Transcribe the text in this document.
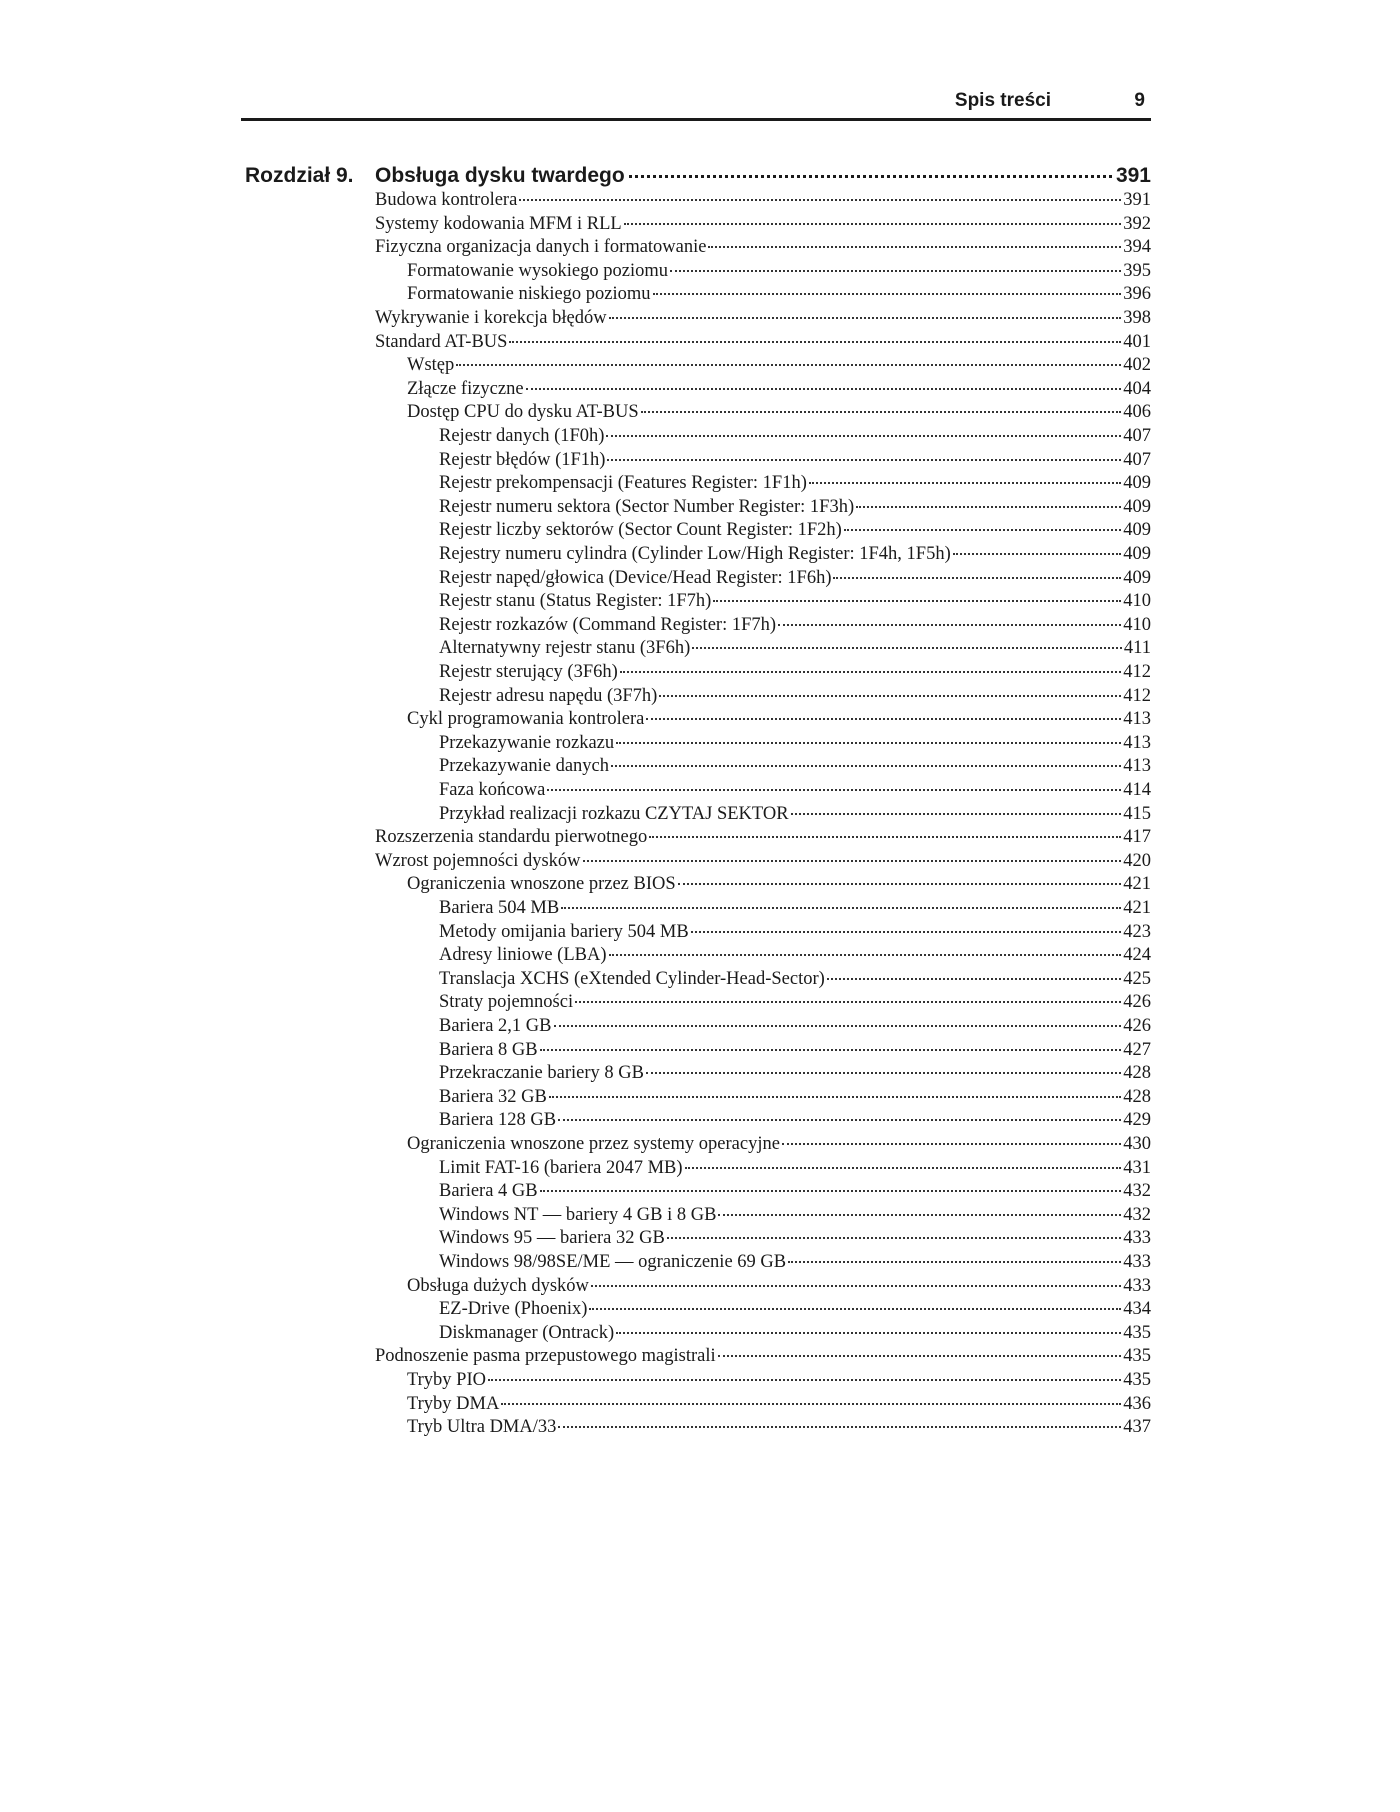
Spis treści	9
Rozdział 9. Obsługa dysku twardego	391
Budowa kontrolera	391
Systemy kodowania MFM i RLL	392
Fizyczna organizacja danych i formatowanie	394
Formatowanie wysokiego poziomu	395
Formatowanie niskiego poziomu	396
Wykrywanie i korekcja błędów	398
Standard AT-BUS	401
Wstęp	402
Złącze fizyczne	404
Dostęp CPU do dysku AT-BUS	406
Rejestr danych (1F0h)	407
Rejestr błędów (1F1h)	407
Rejestr prekompensacji (Features Register: 1F1h)	409
Rejestr numeru sektora (Sector Number Register: 1F3h)	409
Rejestr liczby sektorów (Sector Count Register: 1F2h)	409
Rejestry numeru cylindra (Cylinder Low/High Register: 1F4h, 1F5h)	409
Rejestr napęd/głowica (Device/Head Register: 1F6h)	409
Rejestr stanu (Status Register: 1F7h)	410
Rejestr rozkazów (Command Register: 1F7h)	410
Alternatywny rejestr stanu (3F6h)	411
Rejestr sterujący (3F6h)	412
Rejestr adresu napędu (3F7h)	412
Cykl programowania kontrolera	413
Przekazywanie rozkazu	413
Przekazywanie danych	413
Faza końcowa	414
Przykład realizacji rozkazu CZYTAJ SEKTOR	415
Rozszerzenia standardu pierwotnego	417
Wzrost pojemności dysków	420
Ograniczenia wnoszone przez BIOS	421
Bariera 504 MB	421
Metody omijania bariery 504 MB	423
Adresy liniowe (LBA)	424
Translacja XCHS (eXtended Cylinder-Head-Sector)	425
Straty pojemności	426
Bariera 2,1 GB	426
Bariera 8 GB	427
Przekraczanie bariery 8 GB	428
Bariera 32 GB	428
Bariera 128 GB	429
Ograniczenia wnoszone przez systemy operacyjne	430
Limit FAT-16 (bariera 2047 MB)	431
Bariera 4 GB	432
Windows NT — bariery 4 GB i 8 GB	432
Windows 95 — bariera 32 GB	433
Windows 98/98SE/ME — ograniczenie 69 GB	433
Obsługa dużych dysków	433
EZ-Drive (Phoenix)	434
Diskmanager (Ontrack)	435
Podnoszenie pasma przepustowego magistrali	435
Tryby PIO	435
Tryby DMA	436
Tryb Ultra DMA/33	437
